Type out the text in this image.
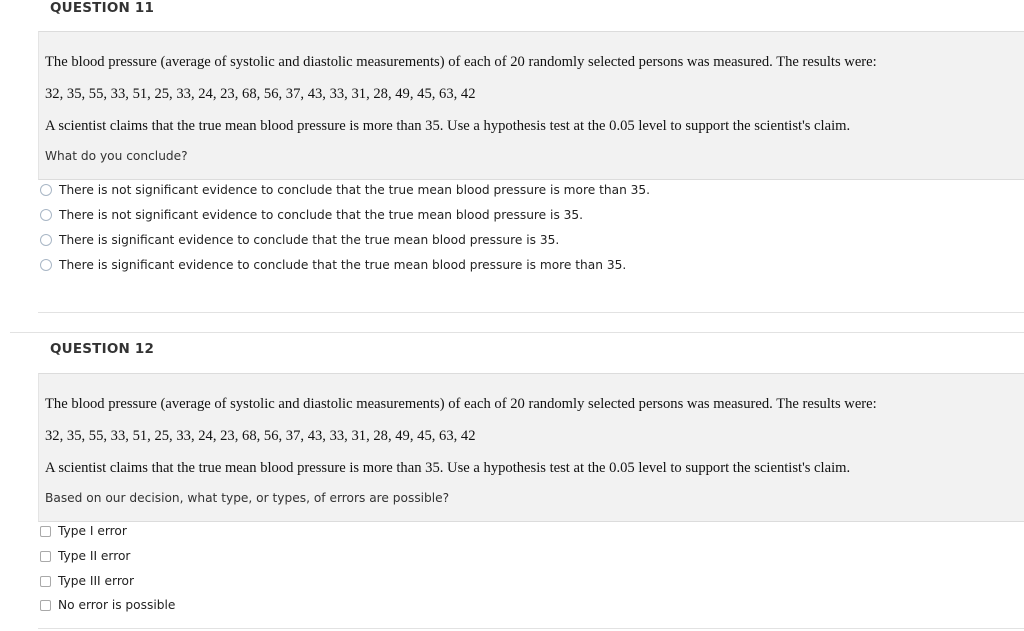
QUESTION 11
The blood pressure (average of systolic and diastolic measurements) of each of 20 randomly selected persons was measured. The results were:
32, 35, 55, 33, 51, 25, 33, 24, 23, 68, 56, 37, 43, 33, 31, 28, 49, 45, 63, 42
A scientist claims that the true mean blood pressure is more than 35. Use a hypothesis test at the 0.05 level to support the scientist's claim.
What do you conclude?
There is not significant evidence to conclude that the true mean blood pressure is more than 35.
There is not significant evidence to conclude that the true mean blood pressure is 35.
There is significant evidence to conclude that the true mean blood pressure is 35.
There is significant evidence to conclude that the true mean blood pressure is more than 35.
QUESTION 12
The blood pressure (average of systolic and diastolic measurements) of each of 20 randomly selected persons was measured. The results were:
32, 35, 55, 33, 51, 25, 33, 24, 23, 68, 56, 37, 43, 33, 31, 28, 49, 45, 63, 42
A scientist claims that the true mean blood pressure is more than 35. Use a hypothesis test at the 0.05 level to support the scientist's claim.
Based on our decision, what type, or types, of errors are possible?
Type I error
Type II error
Type III error
No error is possible
